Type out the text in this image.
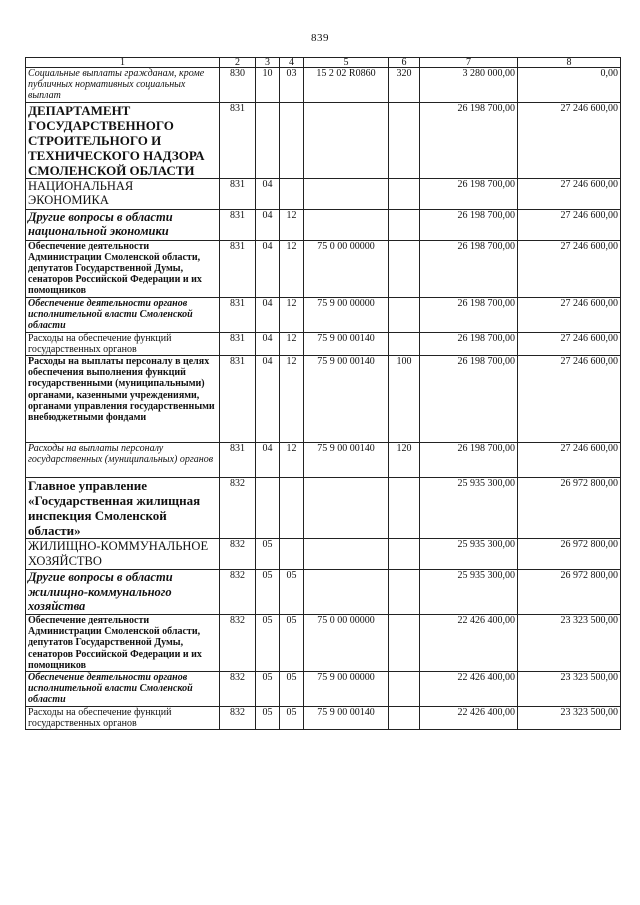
839
1	2	3	4	5	6	7	8
Социальные выплаты гражданам, кроме публичных нормативных социальных выплат	830	10	03	15 2 02 R0860	320	3 280 000,00	0,00
ДЕПАРТАМЕНТ ГОСУДАРСТВЕННОГО СТРОИТЕЛЬНОГО И ТЕХНИЧЕСКОГО НАДЗОРА СМОЛЕНСКОЙ ОБЛАСТИ	831					26 198 700,00	27 246 600,00
НАЦИОНАЛЬНАЯ ЭКОНОМИКА	831	04				26 198 700,00	27 246 600,00
Другие вопросы в области национальной экономики	831	04	12			26 198 700,00	27 246 600,00
Обеспечение деятельности Администрации Смоленской области, депутатов Государственной Думы, сенаторов Российской Федерации и их помощников	831	04	12	75 0 00 00000		26 198 700,00	27 246 600,00
Обеспечение деятельности органов исполнительной власти Смоленской области	831	04	12	75 9 00 00000		26 198 700,00	27 246 600,00
Расходы на обеспечение функций государственных органов	831	04	12	75 9 00 00140		26 198 700,00	27 246 600,00
Расходы на выплаты персоналу в целях обеспечения выполнения функций государственными (муниципальными) органами, казенными учреждениями, органами управления государственными внебюджетными фондами	831	04	12	75 9 00 00140	100	26 198 700,00	27 246 600,00
Расходы на выплаты персоналу государственных (муниципальных) органов	831	04	12	75 9 00 00140	120	26 198 700,00	27 246 600,00
Главное управление «Государственная жилищная инспекция Смоленской области»	832					25 935 300,00	26 972 800,00
ЖИЛИЩНО-КОММУНАЛЬНОЕ ХОЗЯЙСТВО	832	05				25 935 300,00	26 972 800,00
Другие вопросы в области жилищно-коммунального хозяйства	832	05	05			25 935 300,00	26 972 800,00
Обеспечение деятельности Администрации Смоленской области, депутатов Государственной Думы, сенаторов Российской Федерации и их помощников	832	05	05	75 0 00 00000		22 426 400,00	23 323 500,00
Обеспечение деятельности органов исполнительной власти Смоленской области	832	05	05	75 9 00 00000		22 426 400,00	23 323 500,00
Расходы на обеспечение функций государственных органов	832	05	05	75 9 00 00140		22 426 400,00	23 323 500,00
